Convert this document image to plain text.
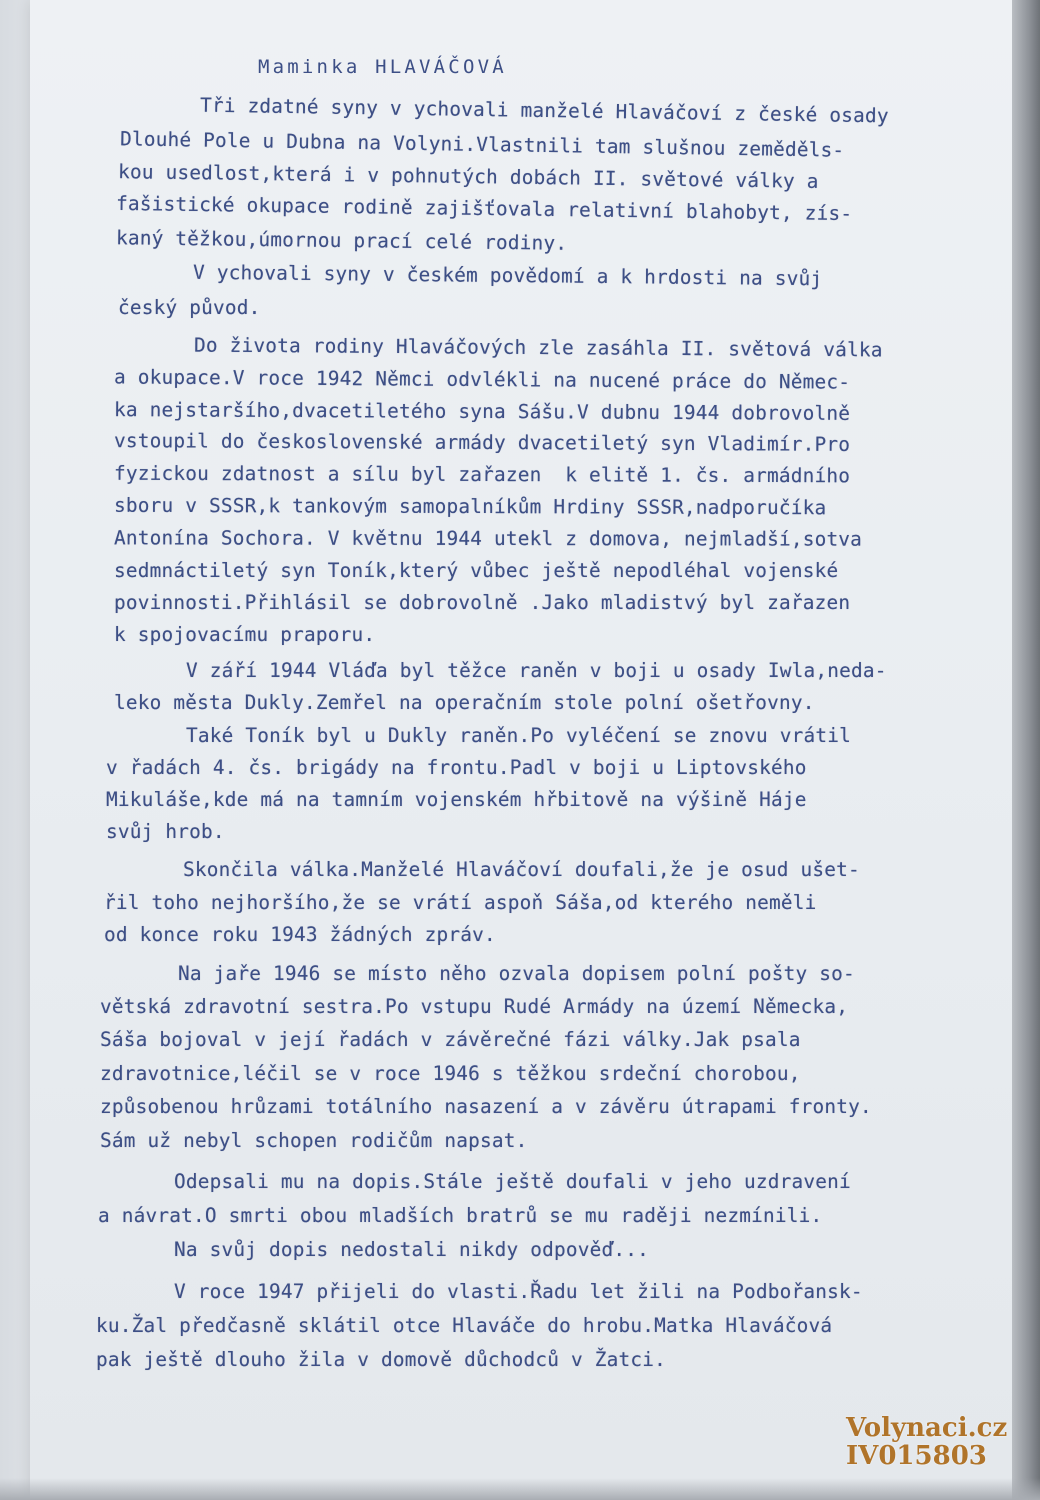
Maminka HLAVÁČOVÁ
Tři zdatné syny v ychovali manželé Hlaváčoví z české osady
Dlouhé Pole u Dubna na Volyni.Vlastnili tam slušnou zeměděls-
kou usedlost,která i v pohnutých dobách II. světové války a
fašistické okupace rodině zajišťovala relativní blahobyt, zís-
kaný těžkou,úmornou prací celé rodiny.
V ychovali syny v českém povědomí a k hrdosti na svůj
český původ.
Do života rodiny Hlaváčových zle zasáhla II. světová válka
a okupace.V roce 1942 Němci odvlékli na nucené práce do Němec-
ka nejstaršího,dvacetiletého syna Sášu.V dubnu 1944 dobrovolně
vstoupil do československé armády dvacetiletý syn Vladimír.Pro
fyzickou zdatnost a sílu byl zařazen  k elitě 1. čs. armádního
sboru v SSSR,k tankovým samopalníkům Hrdiny SSSR,nadporučíka
Antonína Sochora. V květnu 1944 utekl z domova, nejmladší,sotva
sedmnáctiletý syn Toník,který vůbec ještě nepodléhal vojenské
povinnosti.Přihlásil se dobrovolně .Jako mladistvý byl zařazen
k spojovacímu praporu.
V září 1944 Vláďa byl těžce raněn v boji u osady Iwla,neda-
leko města Dukly.Zemřel na operačním stole polní ošetřovny.
Také Toník byl u Dukly raněn.Po vyléčení se znovu vrátil
v řadách 4. čs. brigády na frontu.Padl v boji u Liptovského
Mikuláše,kde má na tamním vojenském hřbitově na výšině Háje
svůj hrob.
Skončila válka.Manželé Hlaváčoví doufali,že je osud ušet-
řil toho nejhoršího,že se vrátí aspoň Sáša,od kterého neměli
od konce roku 1943 žádných zpráv.
Na jaře 1946 se místo něho ozvala dopisem polní pošty so-
větská zdravotní sestra.Po vstupu Rudé Armády na území Německa,
Sáša bojoval v její řadách v závěrečné fázi války.Jak psala
zdravotnice,léčil se v roce 1946 s těžkou srdeční chorobou,
způsobenou hrůzami totálního nasazení a v závěru útrapami fronty.
Sám už nebyl schopen rodičům napsat.
Odepsali mu na dopis.Stále ještě doufali v jeho uzdravení
a návrat.O smrti obou mladších bratrů se mu raději nezmínili.
Na svůj dopis nedostali nikdy odpověď...
V roce 1947 přijeli do vlasti.Řadu let žili na Podbořansk-
ku.Žal předčasně sklátil otce Hlaváče do hrobu.Matka Hlaváčová
pak ještě dlouho žila v domově důchodců v Žatci.
Volynaci.cz
IV015803
